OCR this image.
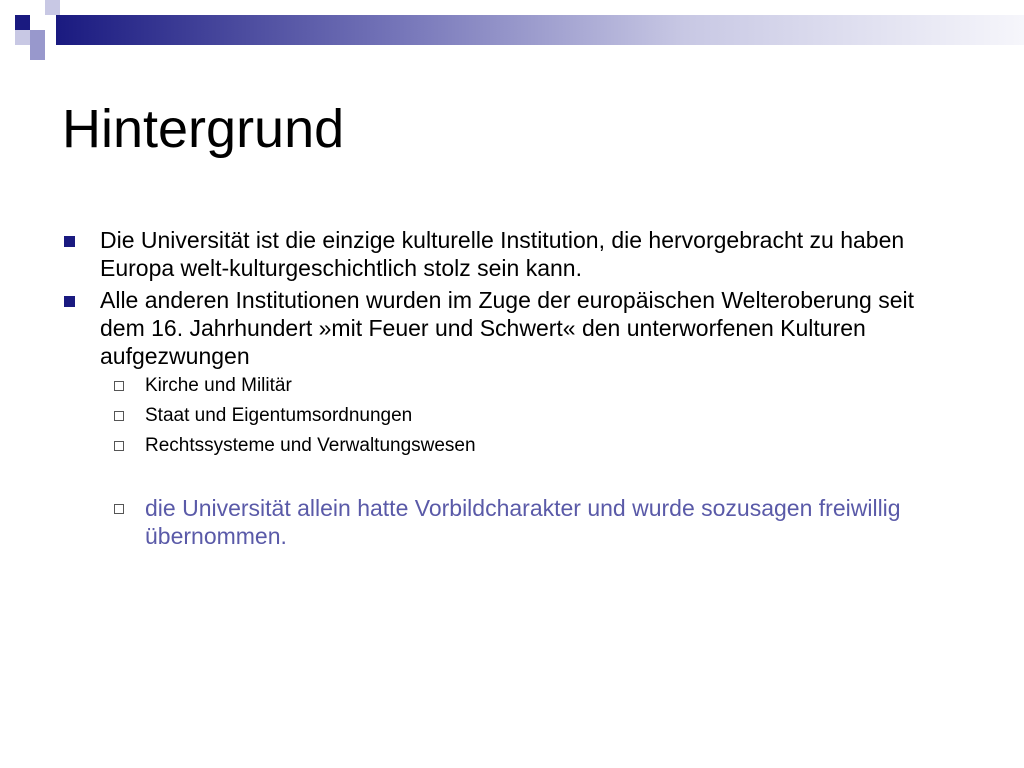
Hintergrund

Die Universität ist die einzige kulturelle Institution, die hervorgebracht zu haben Europa welt-kulturgeschichtlich stolz sein kann.

Alle anderen Institutionen wurden im Zuge der europäischen Welteroberung seit dem 16. Jahrhundert »mit Feuer und Schwert« den unterworfenen Kulturen aufgezwungen

Kirche und Militär

Staat und Eigentumsordnungen

Rechtssysteme und Verwaltungswesen

die Universität allein hatte Vorbildcharakter und wurde sozusagen freiwillig übernommen.
